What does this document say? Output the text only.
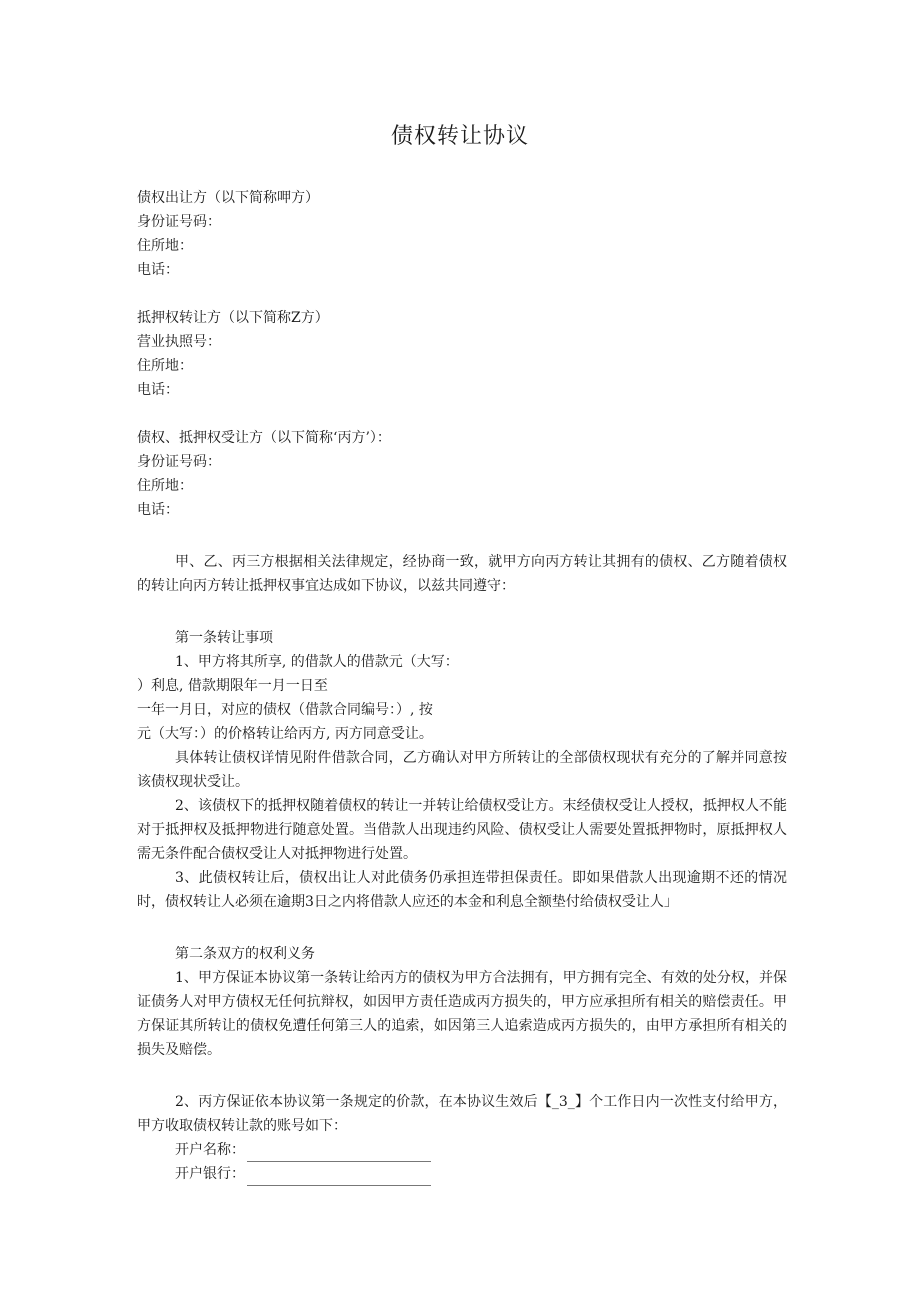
债权转让协议
债权出让方（以下简称呷方）
身份证号码：
住所地：
电话：
抵押权转让方（以下简称Z方）
营业执照号：
住所地：
电话：
债权、抵押权受让方（以下简称‘丙方’）：
身份证号码：
住所地：
电话：
甲、乙、丙三方根据相关法律规定，经协商一致，就甲方向丙方转让其拥有的债权、乙方随着债权的转让向丙方转让抵押权事宜达成如下协议，以兹共同遵守：
第一条转让事项
1、甲方将其所享, 的借款人的借款元（大写：
）利息, 借款期限年一月一日至
一年一月日，对应的债权（借款合同编号：）, 按
元（大写：）的价格转让给丙方, 丙方同意受让。
具体转让债权详情见附件借款合同，乙方确认对甲方所转让的全部债权现状有充分的了解并同意按该债权现状受让。
2、该债权下的抵押权随着债权的转让一并转让给债权受让方。末经债权受让人授权，抵押权人不能对于抵押权及抵押物进行随意处置。当借款人出现违约风险、债权受让人需要处置抵押物时，原抵押权人需无条件配合债权受让人对抵押物进行处置。
3、此债权转让后，债权出让人对此债务仍承担连带担保责任。即如果借款人出现逾期不还的情况时，债权转让人必须在逾期3日之内将借款人应还的本金和利息全额垫付给债权受让人」
第二条双方的权利义务
1、甲方保证本协议第一条转让给丙方的债权为甲方合法拥有，甲方拥有完全、有效的处分权，并保证债务人对甲方债权无任何抗辩权，如因甲方责任造成丙方损失的，甲方应承担所有相关的赔偿责任。甲方保证其所转让的债权免遭任何第三人的追索，如因第三人追索造成丙方损失的，由甲方承担所有相关的损失及赔偿。
2、丙方保证依本协议第一条规定的价款，在本协议生效后【_3_】个工作日内一次性支付给甲方，甲方收取债权转让款的账号如下：
开户名称：
开户银行：
